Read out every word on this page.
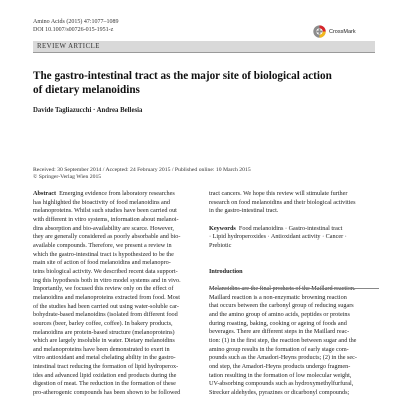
Amino Acids (2015) 47:1077–1089
DOI 10.1007/s00726-015-1951-z	CrossMark
REVIEW ARTICLE
The gastro-intestinal tract as the major site of biological action
of dietary melanoidins
Davide Tagliazucchi · Andrea Bellesia
Received: 30 September 2014 / Accepted: 24 February 2015 / Published online: 10 March 2015
© Springer-Verlag Wien 2015
Abstract Emerging evidence from laboratory researches
has highlighted the bioactivity of food melanoidins and
melanoproteins. Whilst such studies have been carried out
with different in vitro systems, information about melanoi-
dins absorption and bio-availability are scarce. However,
they are generally considered as poorly absorbable and bio-
available compounds. Therefore, we present a review in
which the gastro-intestinal tract is hypothesized to be the
main site of action of food melanoidins and melanopro-
teins biological activity. We described recent data support-
ing this hypothesis both in vitro model systems and in vivo.
Importantly, we focused this review only on the effect of
melanoidins and melanoproteins extracted from food. Most
of the studies had been carried out using water-soluble car-
bohydrate-based melanoidins (isolated from different food
sources (beer, barley coffee, coffee). In bakery products,
melanoidins are protein-based structure (melanoproteins)
which are largely insoluble in water. Dietary melanoidins
and melanoproteins have been demonstrated to exert in
vitro antioxidant and metal chelating ability in the gastro-
intestinal tract reducing the formation of lipid hydroperox-
ides and advanced lipid oxidation end products during the
digestion of meat. The reduction in the formation of these
pro-atherogenic compounds has been shown to be followed
tract cancers. We hope this review will stimulate further
research on food melanoidins and their biological activities
in the gastro-intestinal tract.
Keywords Food melanoidins · Gastro-intestinal tract
· Lipid hydroperoxides · Antioxidant activity · Cancer ·
Prebiotic
Introduction
Melanoidins are the final products of the Maillard reaction.
Maillard reaction is a non-enzymatic browning reaction
that occurs between the carbonyl group of reducing sugars
and the amino group of amino acids, peptides or proteins
during roasting, baking, cooking or ageing of foods and
beverages. There are different steps in the Maillard reac-
tion: (1) in the first step, the reaction between sugar and the
amino group results in the formation of early stage com-
pounds such as the Amadori-Heyns products; (2) in the sec-
ond step, the Amadori-Heyns products undergo fragmen-
tation resulting in the formation of low molecular weight,
UV-absorbing compounds such as hydroxymethylfurfural,
Strecker aldehydes, pyrazines or dicarbonyl compounds;
